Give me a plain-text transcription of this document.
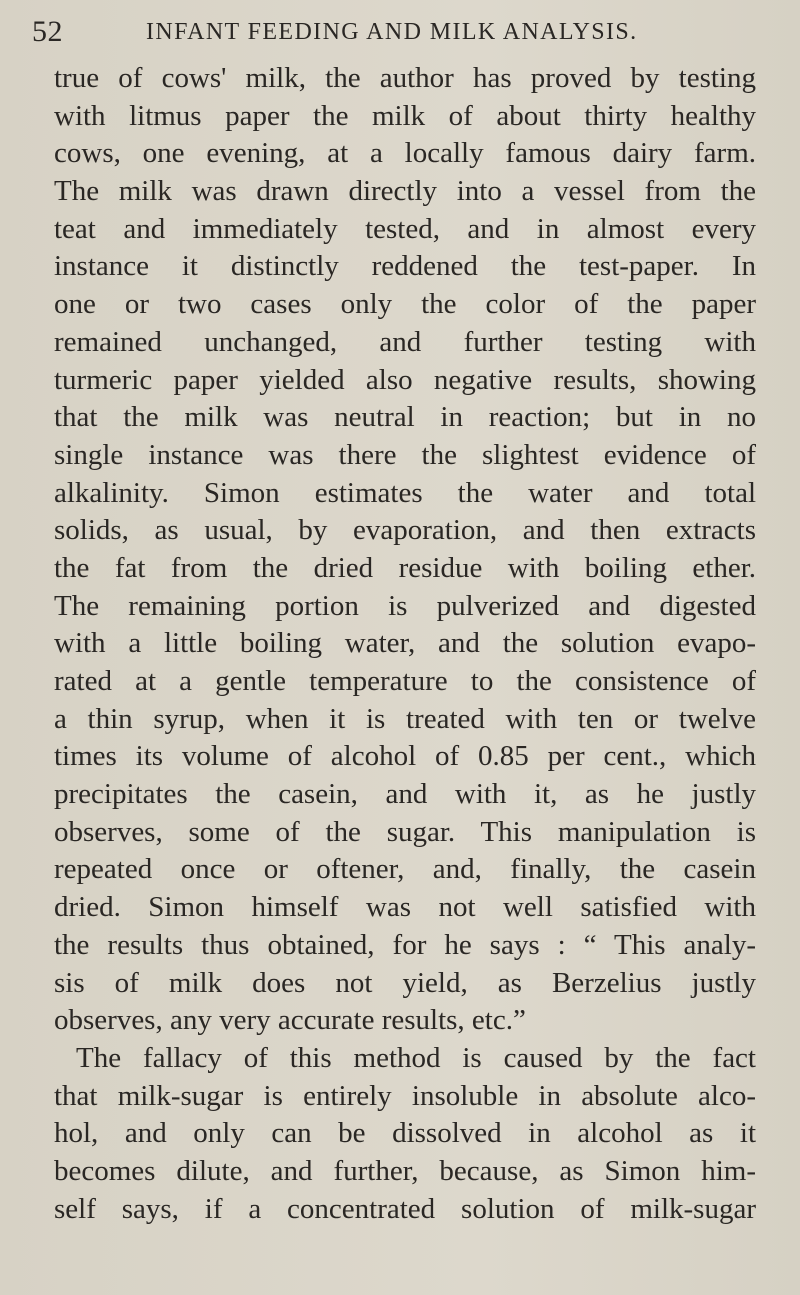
52	INFANT FEEDING AND MILK ANALYSIS.
true of cows' milk, the author has proved by testing
with litmus paper the milk of about thirty healthy
cows, one evening, at a locally famous dairy farm.
The milk was drawn directly into a vessel from the
teat and immediately tested, and in almost every
instance it distinctly reddened the test-paper. In
one or two cases only the color of the paper
remained unchanged, and further testing with
turmeric paper yielded also negative results, showing
that the milk was neutral in reaction; but in no
single instance was there the slightest evidence of
alkalinity. Simon estimates the water and total
solids, as usual, by evaporation, and then extracts
the fat from the dried residue with boiling ether.
The remaining portion is pulverized and digested
with a little boiling water, and the solution evapo-
rated at a gentle temperature to the consistence of
a thin syrup, when it is treated with ten or twelve
times its volume of alcohol of 0.85 per cent., which
precipitates the casein, and with it, as he justly
observes, some of the sugar. This manipulation is
repeated once or oftener, and, finally, the casein
dried. Simon himself was not well satisfied with
the results thus obtained, for he says : “ This analy-
sis of milk does not yield, as Berzelius justly
observes, any very accurate results, etc.”
The fallacy of this method is caused by the fact
that milk-sugar is entirely insoluble in absolute alco-
hol, and only can be dissolved in alcohol as it
becomes dilute, and further, because, as Simon him-
self says, if a concentrated solution of milk-sugar
